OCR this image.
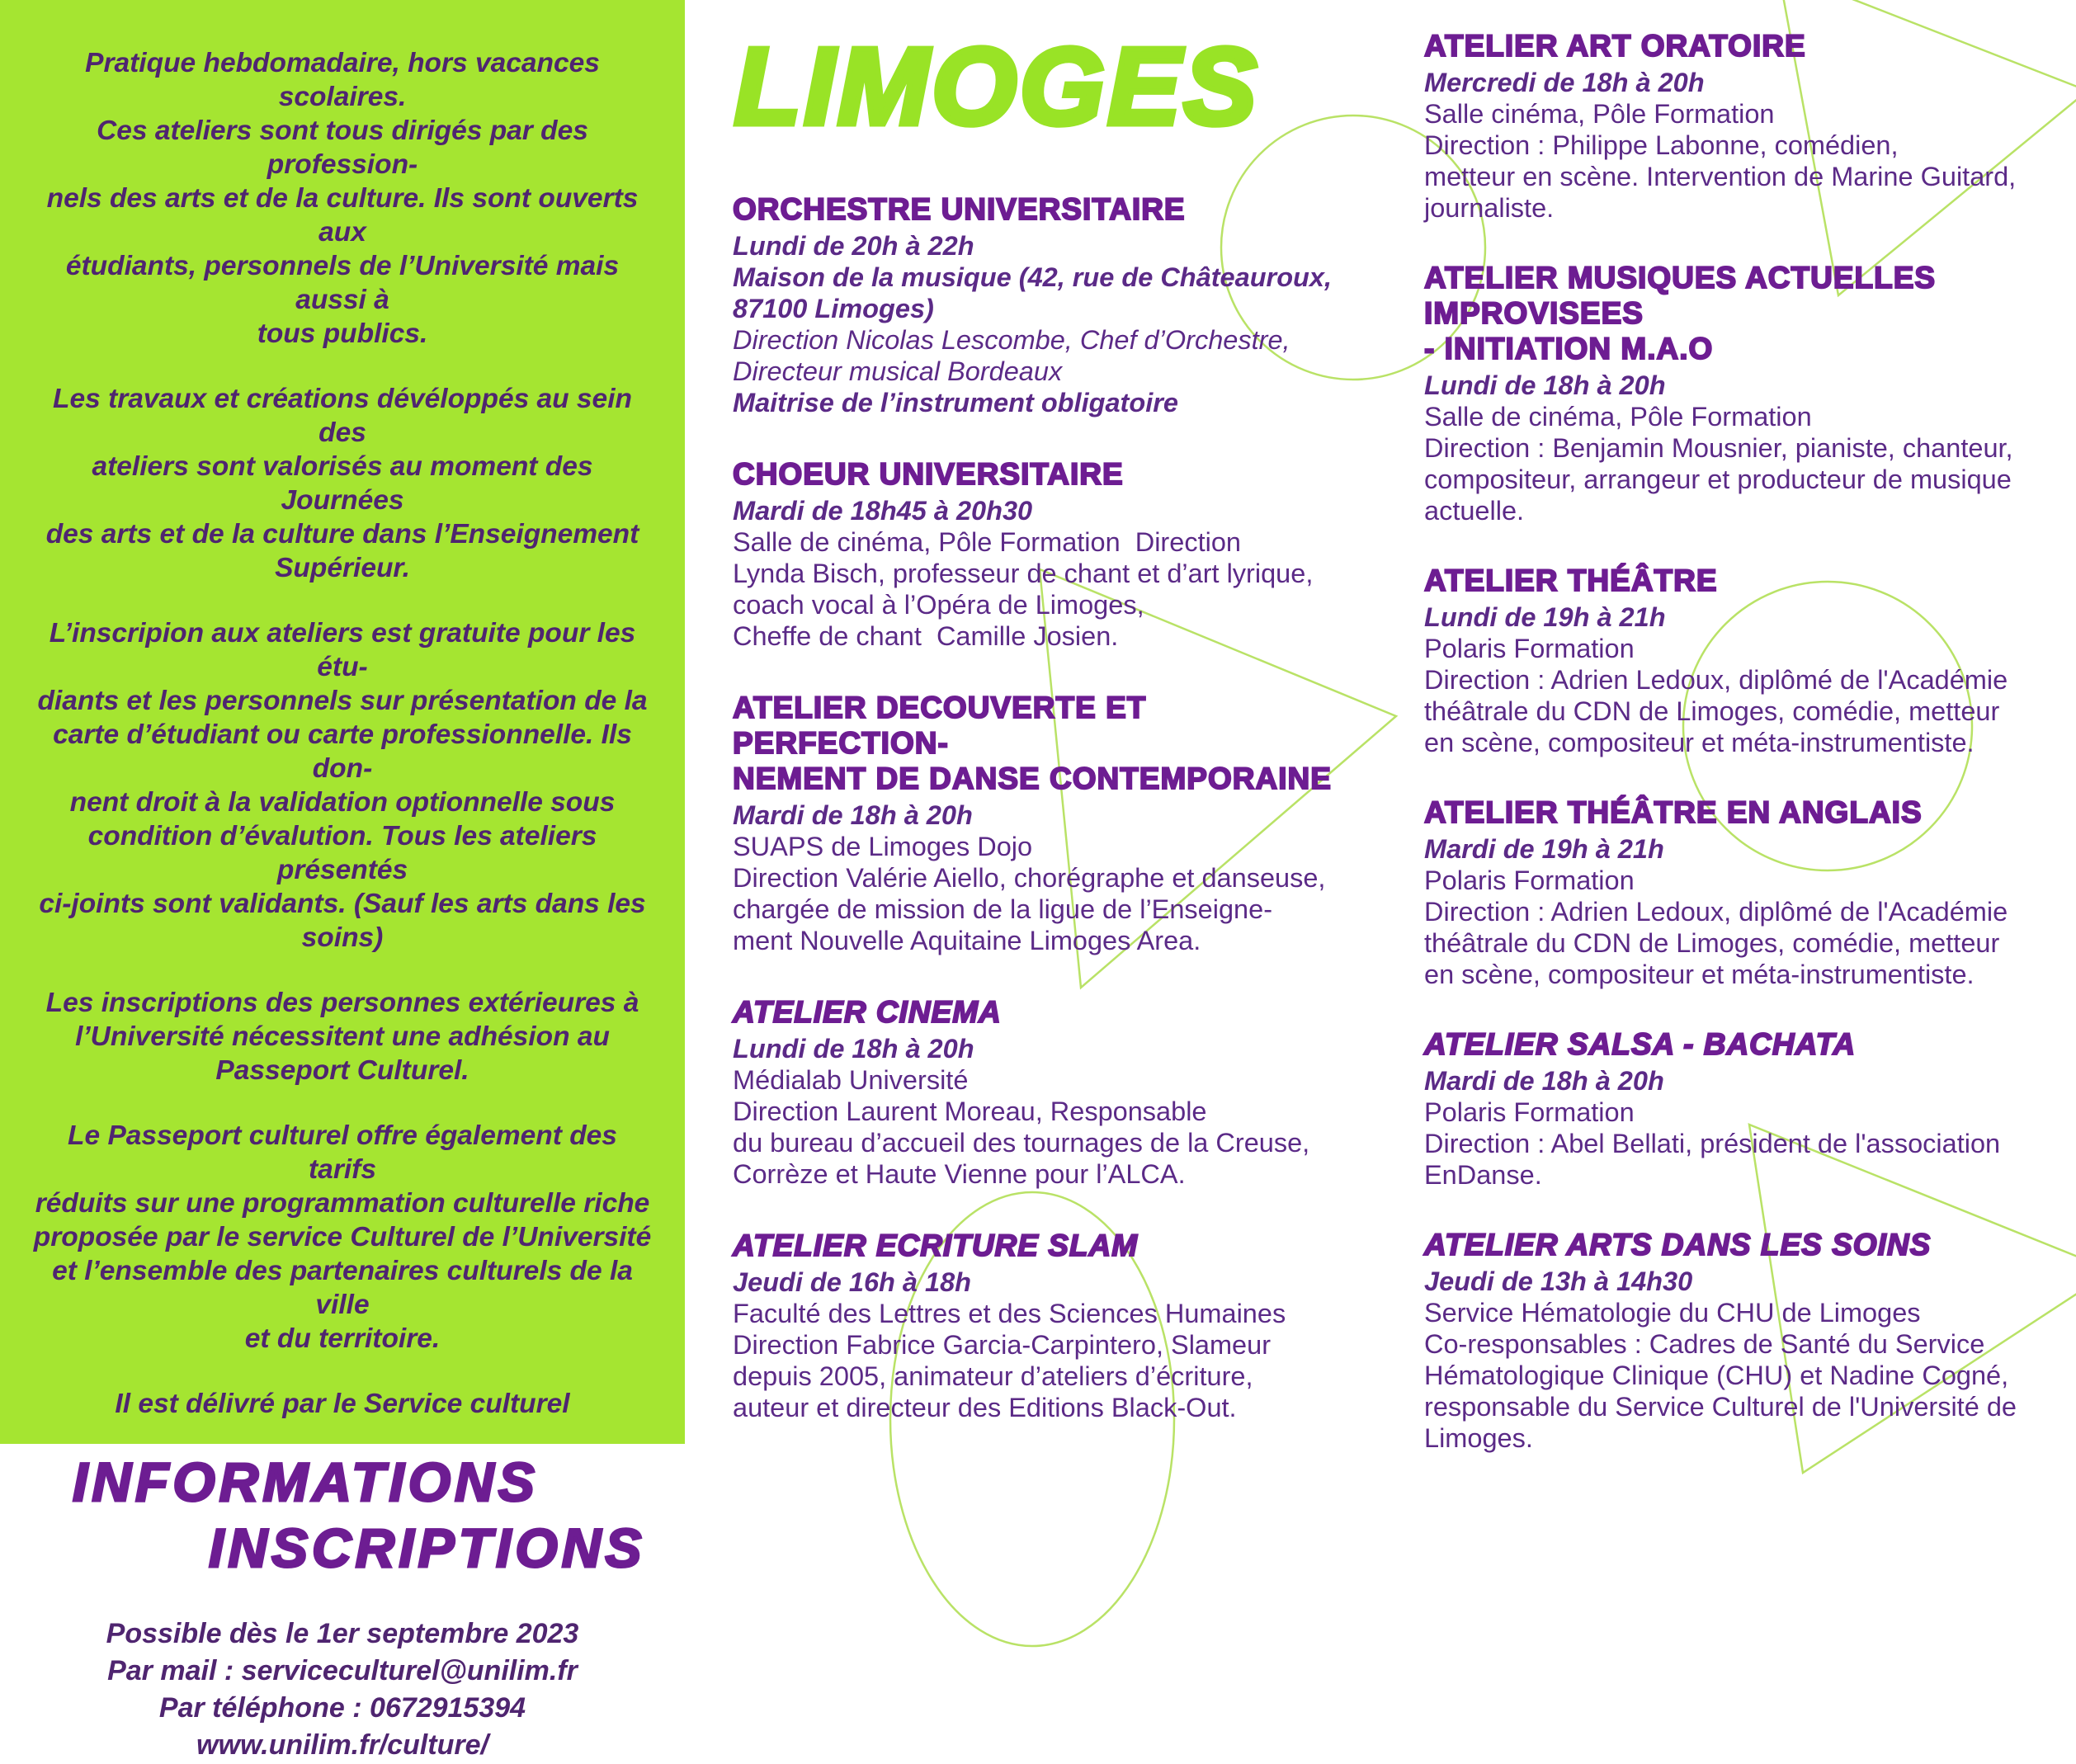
Pratique hebdomadaire, hors vacances scolaires.
Ces ateliers sont tous dirigés par des profession-
nels des arts et de la culture. Ils sont ouverts aux
étudiants, personnels de l’Université mais aussi à
tous publics.
Les travaux et créations dévéloppés au sein des
ateliers sont valorisés au moment des Journées
des arts et de la culture dans l’Enseignement
Supérieur.
L’inscripion aux ateliers est gratuite pour les étu-
diants et les personnels sur présentation de la
carte d’étudiant ou carte professionnelle. Ils don-
nent droit à la validation optionnelle sous
condition d’évalution. Tous les ateliers présentés
ci-joints sont validants. (Sauf les arts dans les
soins)
Les inscriptions des personnes extérieures à
l’Université nécessitent une adhésion au
Passeport Culturel.
Le Passeport culturel offre également des tarifs
réduits sur une programmation culturelle riche
proposée par le service Culturel de l’Université
et l’ensemble des partenaires culturels de la ville
et du territoire.
Il est délivré par le Service culturel
INFORMATIONS
INSCRIPTIONS
Possible dès le 1er septembre 2023
Par mail : serviceculturel@unilim.fr
Par téléphone : 0672915394
www.unilim.fr/culture/
LIMOGES
ORCHESTRE UNIVERSITAIRE
Lundi de 20h à 22h
Maison de la musique (42, rue de Châteauroux,
87100 Limoges)
Direction Nicolas Lescombe, Chef d’Orchestre,
Directeur musical Bordeaux
Maitrise de l’instrument obligatoire
CHOEUR UNIVERSITAIRE
Mardi de 18h45 à 20h30
Salle de cinéma, Pôle Formation  Direction
Lynda Bisch, professeur de chant et d’art lyrique,
coach vocal à l’Opéra de Limoges,
Cheffe de chant  Camille Josien.
ATELIER DECOUVERTE ET PERFECTION-
NEMENT DE DANSE CONTEMPORAINE
Mardi de 18h à 20h
SUAPS de Limoges Dojo
Direction Valérie Aiello, chorégraphe et danseuse,
chargée de mission de la ligue de l’Enseigne-
ment Nouvelle Aquitaine Limoges Area.
ATELIER CINEMA
Lundi de 18h à 20h
Médialab Université
Direction Laurent Moreau, Responsable
du bureau d’accueil des tournages de la Creuse,
Corrèze et Haute Vienne pour l’ALCA.
ATELIER ECRITURE SLAM
Jeudi de 16h à 18h
Faculté des Lettres et des Sciences Humaines
Direction Fabrice Garcia-Carpintero, Slameur
depuis 2005, animateur d’ateliers d’écriture,
auteur et directeur des Editions Black-Out.
ATELIER ART ORATOIRE
Mercredi de 18h à 20h
Salle cinéma, Pôle Formation
Direction : Philippe Labonne, comédien,
metteur en scène. Intervention de Marine Guitard,
journaliste.
ATELIER MUSIQUES ACTUELLES IMPROVISEES
- INITIATION M.A.O
Lundi de 18h à 20h
Salle de cinéma, Pôle Formation
Direction : Benjamin Mousnier, pianiste, chanteur,
compositeur, arrangeur et producteur de musique
actuelle.
ATELIER THÉÂTRE
Lundi de 19h à 21h
Polaris Formation
Direction : Adrien Ledoux, diplômé de l'Académie
théâtrale du CDN de Limoges, comédie, metteur
en scène, compositeur et méta-instrumentiste.
ATELIER THÉÂTRE EN ANGLAIS
Mardi de 19h à 21h
Polaris Formation
Direction : Adrien Ledoux, diplômé de l'Académie
théâtrale du CDN de Limoges, comédie, metteur
en scène, compositeur et méta-instrumentiste.
ATELIER SALSA - BACHATA
Mardi de 18h à 20h
Polaris Formation
Direction : Abel Bellati, président de l'association
EnDanse.
ATELIER ARTS DANS LES SOINS
Jeudi de 13h à 14h30
Service Hématologie du CHU de Limoges
Co-responsables : Cadres de Santé du Service
Hématologique Clinique (CHU) et Nadine Cogné,
responsable du Service Culturel de l'Université de
Limoges.
